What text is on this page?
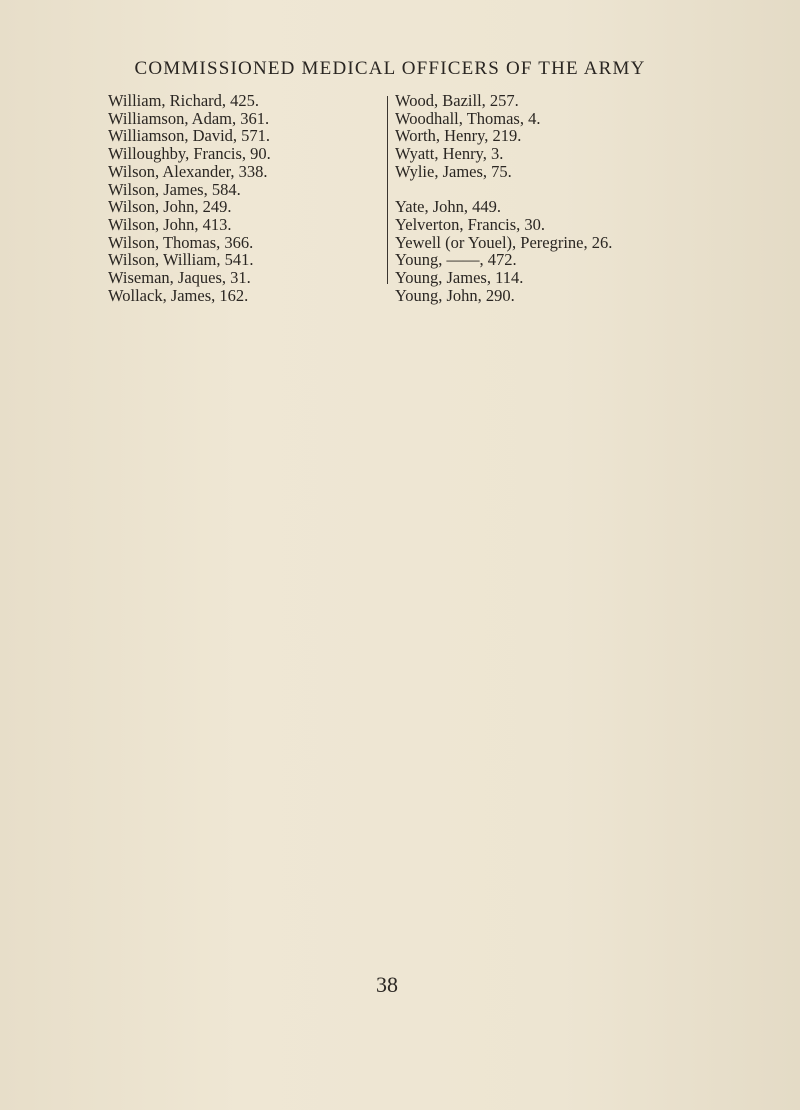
COMMISSIONED MEDICAL OFFICERS OF THE ARMY
William, Richard, 425.
Williamson, Adam, 361.
Williamson, David, 571.
Willoughby, Francis, 90.
Wilson, Alexander, 338.
Wilson, James, 584.
Wilson, John, 249.
Wilson, John, 413.
Wilson, Thomas, 366.
Wilson, William, 541.
Wiseman, Jaques, 31.
Wollack, James, 162.
Wood, Bazill, 257.
Woodhall, Thomas, 4.
Worth, Henry, 219.
Wyatt, Henry, 3.
Wylie, James, 75.
Yate, John, 449.
Yelverton, Francis, 30.
Yewell (or Youel), Peregrine, 26.
Young, ——, 472.
Young, James, 114.
Young, John, 290.
38
